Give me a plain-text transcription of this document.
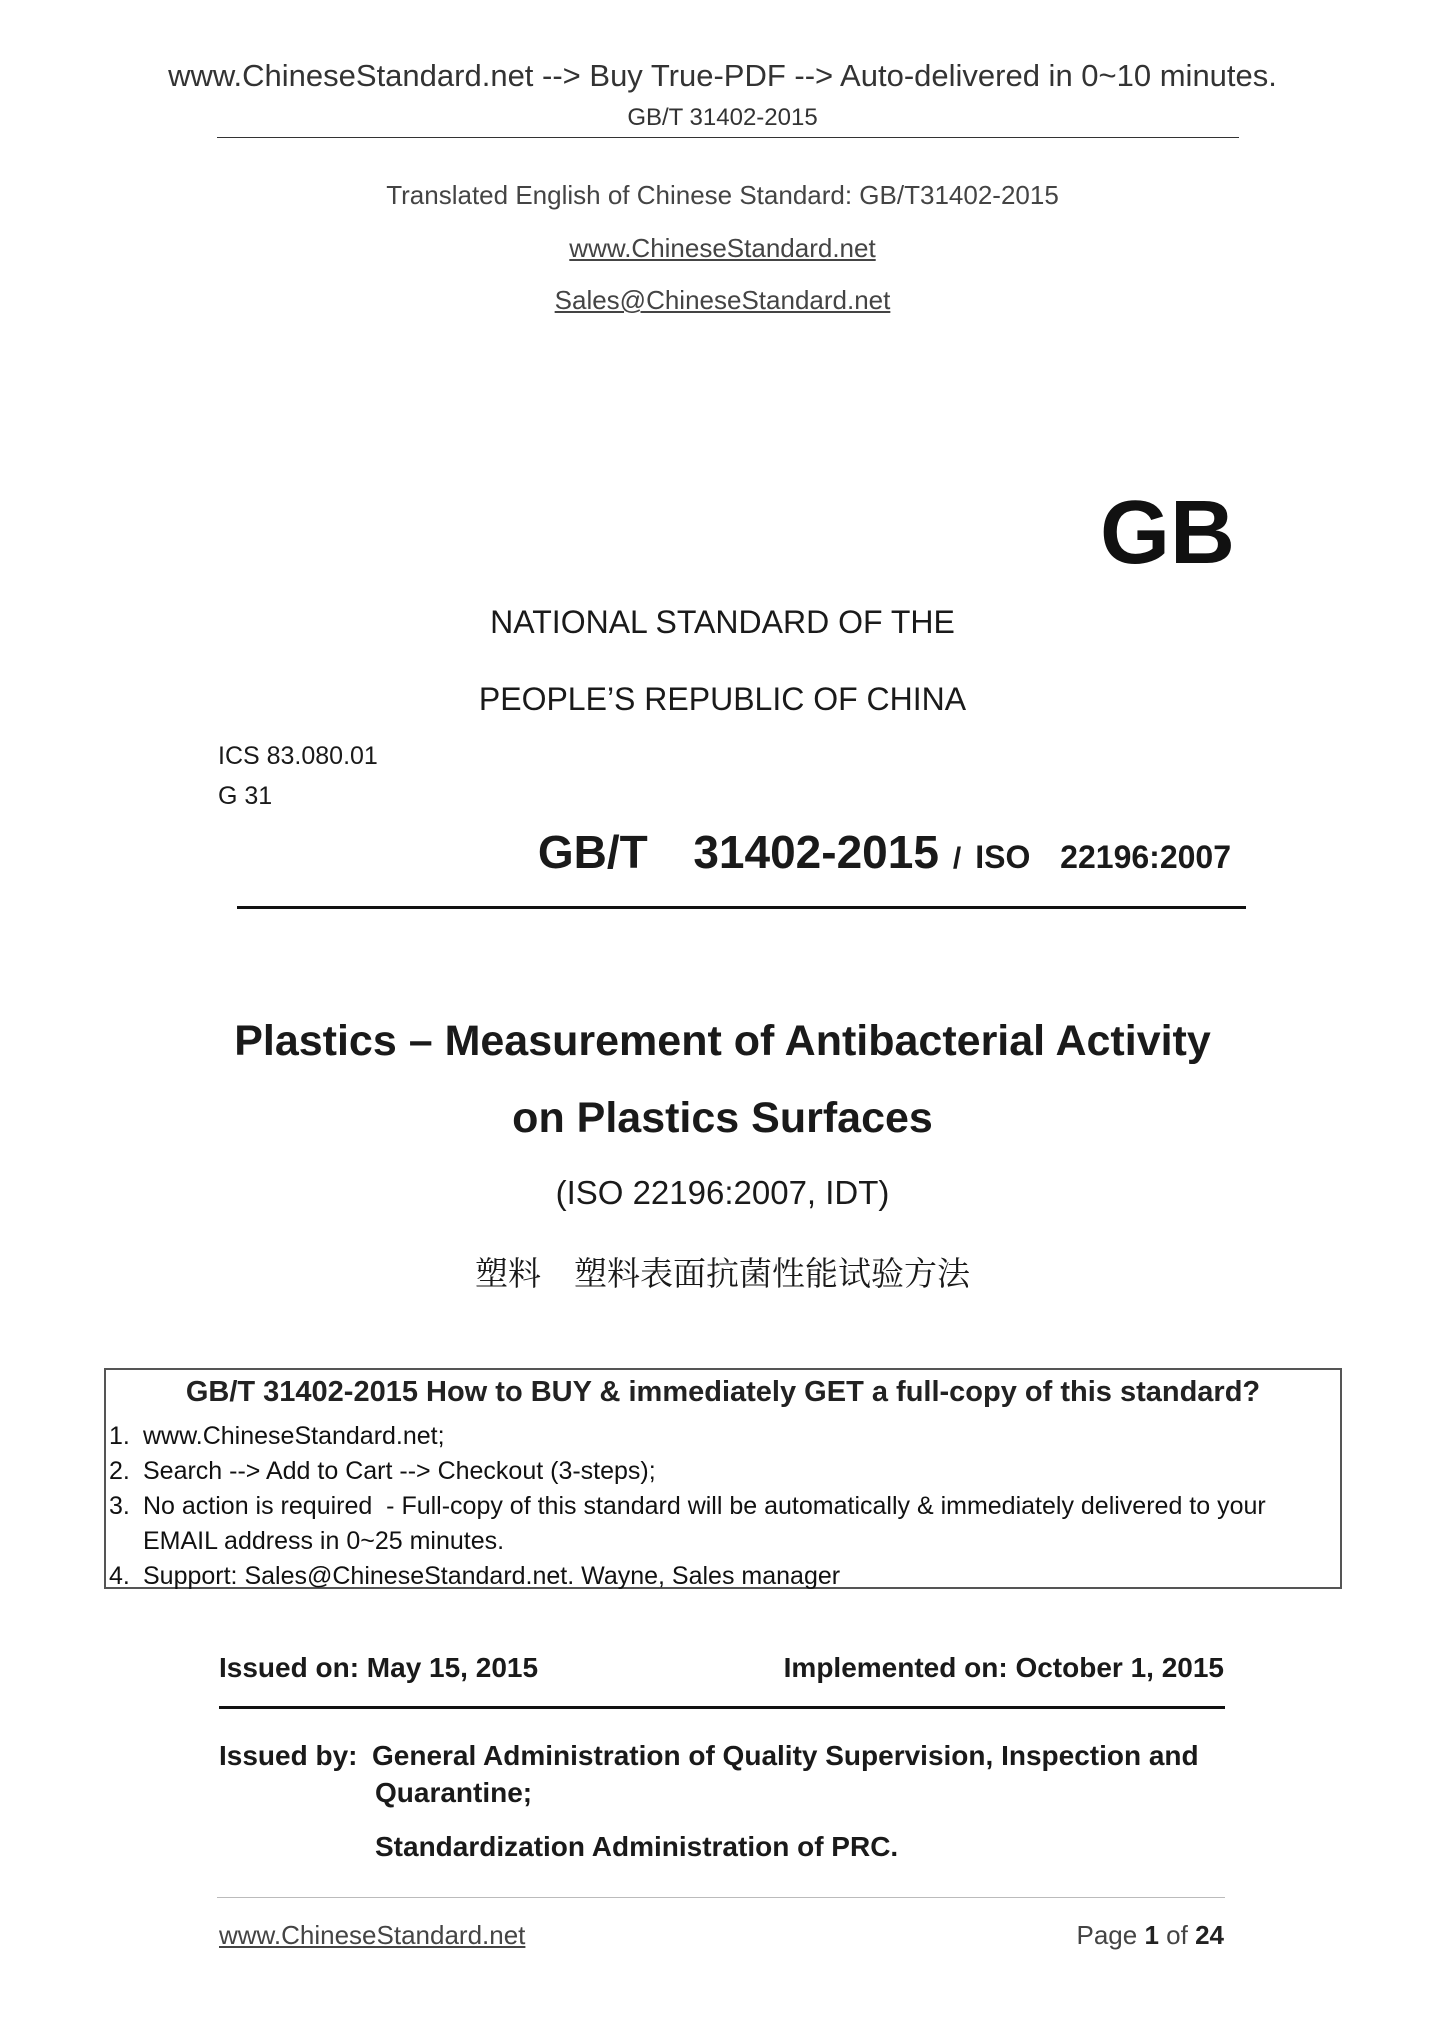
www.ChineseStandard.net --> Buy True-PDF --> Auto-delivered in 0~10 minutes.
GB/T 31402-2015
Translated English of Chinese Standard: GB/T31402-2015
www.ChineseStandard.net
Sales@ChineseStandard.net
GB
NATIONAL STANDARD OF THE
PEOPLE’S REPUBLIC OF CHINA
ICS 83.080.01
G 31
GB/T  31402-2015 / ISO  22196:2007
Plastics – Measurement of Antibacterial Activity
on Plastics Surfaces
(ISO 22196:2007, IDT)
塑料　塑料表面抗菌性能试验方法
GB/T 31402-2015 How to BUY & immediately GET a full-copy of this standard?
1. www.ChineseStandard.net;
2. Search --> Add to Cart --> Checkout (3-steps);
3. No action is required  - Full-copy of this standard will be automatically & immediately delivered to your EMAIL address in 0~25 minutes.
4. Support: Sales@ChineseStandard.net. Wayne, Sales manager
Issued on: May 15, 2015	Implemented on: October 1, 2015
Issued by: General Administration of Quality Supervision, Inspection and
Quarantine;
Standardization Administration of PRC.
www.ChineseStandard.net	Page 1 of 24
